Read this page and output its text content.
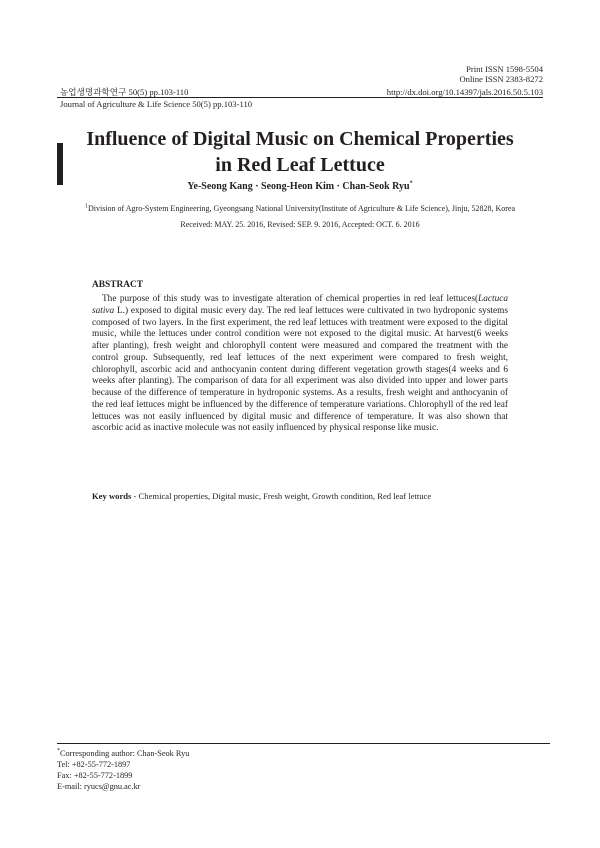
Print ISSN 1598-5504
Online ISSN 2383-8272
농업생명과학연구 50(5) pp.103-110	http://dx.doi.org/10.14397/jals.2016.50.5.103
Journal of Agriculture & Life Science 50(5) pp.103-110
Influence of Digital Music on Chemical Properties
in Red Leaf Lettuce
Ye-Seong Kang · Seong-Heon Kim · Chan-Seok Ryu*
$^1$Division of Agro-System Engineering, Gyeongsang National University(Institute of Agriculture & Life Science), Jinju, 52828, Korea
Received: MAY. 25. 2016, Revised: SEP. 9. 2016, Accepted: OCT. 6. 2016
ABSTRACT
The purpose of this study was to investigate alteration of chemical properties in red leaf lettuces(Lactuca sativa L.) exposed to digital music every day. The red leaf lettuces were cultivated in two hydroponic systems composed of two layers. In the first experiment, the red leaf lettuces with treatment were exposed to the digital music, while the lettuces under control condition were not exposed to the digital music. At harvest(6 weeks after planting), fresh weight and chlorophyll content were measured and compared the treatment with the control group. Subsequently, red leaf lettuces of the next experiment were compared to fresh weight, chlorophyll, ascorbic acid and anthocyanin content during different vegetation growth stages(4 weeks and 6 weeks after planting). The comparison of data for all experiment was also divided into upper and lower parts because of the difference of temperature in hydroponic systems. As a results, fresh weight and anthocyanin of the red leaf lettuces might be influenced by the difference of temperature variations. Chlorophyll of the red leaf lettuces was not easily influenced by digital music and difference of temperature. It was also shown that ascorbic acid as inactive molecule was not easily influenced by physical response like music.
Key words - Chemical properties, Digital music, Fresh weight, Growth condition, Red leaf lettuce
*Corresponding author: Chan-Seok Ryu
Tel: +82-55-772-1897
Fax: +82-55-772-1899
E-mail: ryucs@gnu.ac.kr
